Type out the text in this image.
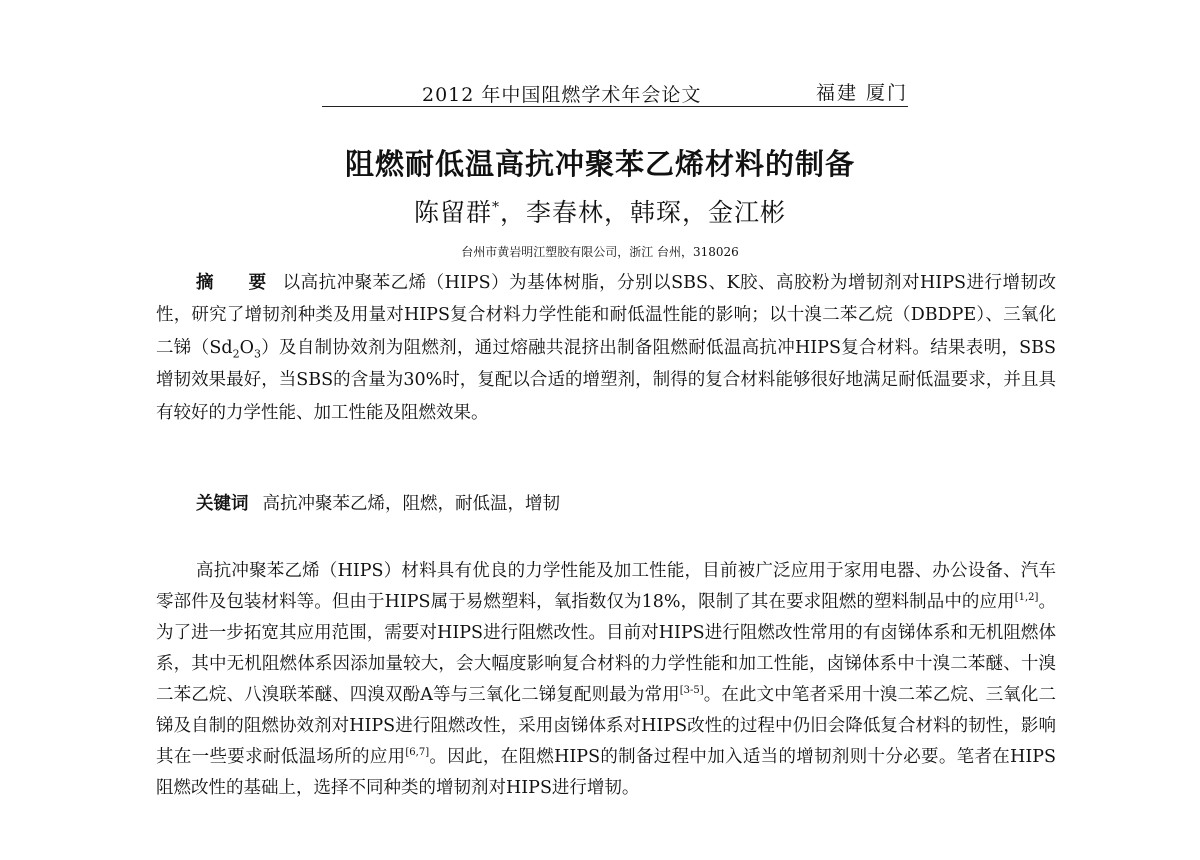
2012 年中国阻燃学术年会论文	福建 厦门
阻燃耐低温高抗冲聚苯乙烯材料的制备
陈留群*，李春林，韩琛，金江彬
台州市黄岩明江塑胶有限公司，浙江 台州，318026

摘 要 以高抗冲聚苯乙烯（HIPS）为基体树脂，分别以SBS、K胶、高胶粉为增韧剂对HIPS进行增韧改性，研究了增韧剂种类及用量对HIPS复合材料力学性能和耐低温性能的影响；以十溴二苯乙烷（DBDPE）、三氧化二锑$(Sd_2O_3)$及自制协效剂为阻燃剂，通过熔融共混挤出制备阻燃耐低温高抗冲HIPS复合材料。结果表明，SBS增韧效果最好，当SBS的含量为30%时，复配以合适的增塑剂，制得的复合材料能够很好地满足耐低温要求，并且具有较好的力学性能、加工性能及阻燃效果。

关键词 高抗冲聚苯乙烯，阻燃，耐低温，增韧

高抗冲聚苯乙烯（HIPS）材料具有优良的力学性能及加工性能，目前被广泛应用于家用电器、办公设备、汽车零部件及包装材料等。但由于HIPS属于易燃塑料，氧指数仅为18%，限制了其在要求阻燃的塑料制品中的应用[1,2]。为了进一步拓宽其应用范围，需要对HIPS进行阻燃改性。目前对HIPS进行阻燃改性常用的有卤锑体系和无机阻燃体系，其中无机阻燃体系因添加量较大，会大幅度影响复合材料的力学性能和加工性能，卤锑体系中十溴二苯醚、十溴二苯乙烷、八溴联苯醚、四溴双酚A等与三氧化二锑复配则最为常用[3-5]。在此文中笔者采用十溴二苯乙烷、三氧化二锑及自制的阻燃协效剂对HIPS进行阻燃改性，采用卤锑体系对HIPS改性的过程中仍旧会降低复合材料的韧性，影响其在一些要求耐低温场所的应用[6,7]。因此，在阻燃HIPS的制备过程中加入适当的增韧剂则十分必要。笔者在HIPS阻燃改性的基础上，选择不同种类的增韧剂对HIPS进行增韧。
